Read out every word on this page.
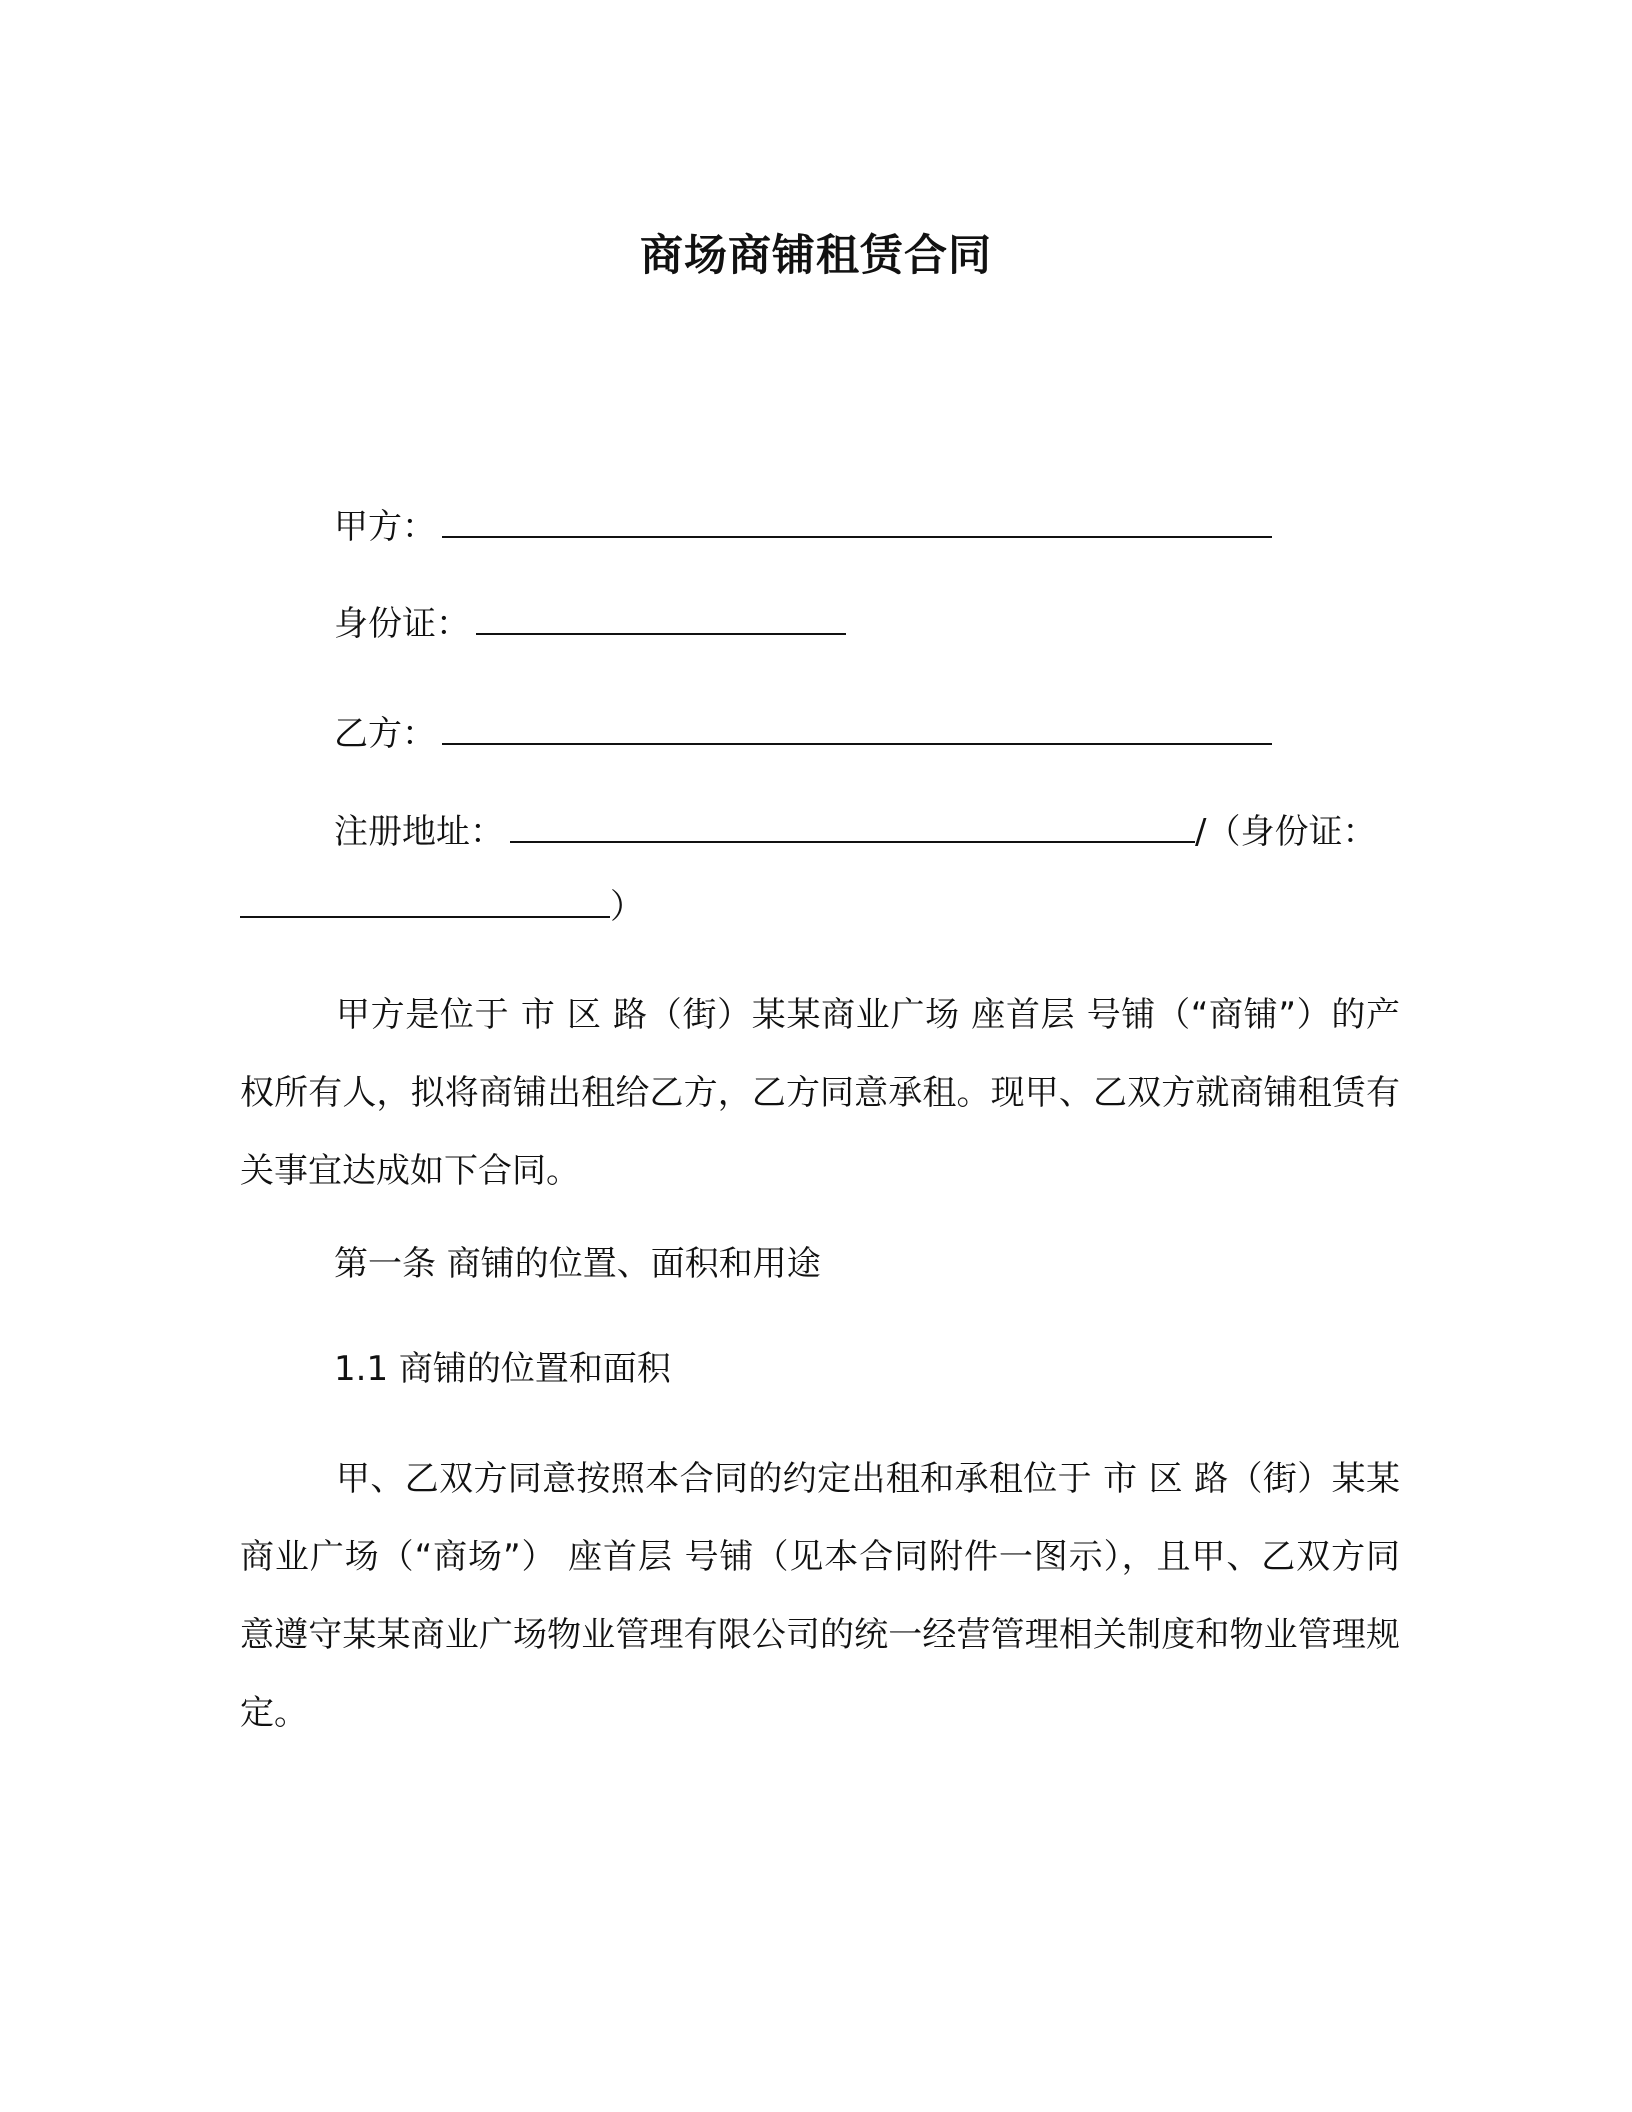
商场商铺租赁合同
甲方：
身份证：
乙方：
注册地址：	/（身份证：
）
甲方是位于 市 区 路（街）某某商业广场 座首层 号铺（“商铺”）的产权所有人，拟将商铺出租给乙方，乙方同意承租。现甲、乙双方就商铺租赁有关事宜达成如下合同。
第一条 商铺的位置、面积和用途
1.1 商铺的位置和面积
甲、乙双方同意按照本合同的约定出租和承租位于 市 区 路（街）某某商业广场（“商场”） 座首层 号铺（见本合同附件一图示），且甲、乙双方同意遵守某某商业广场物业管理有限公司的统一经营管理相关制度和物业管理规定。
